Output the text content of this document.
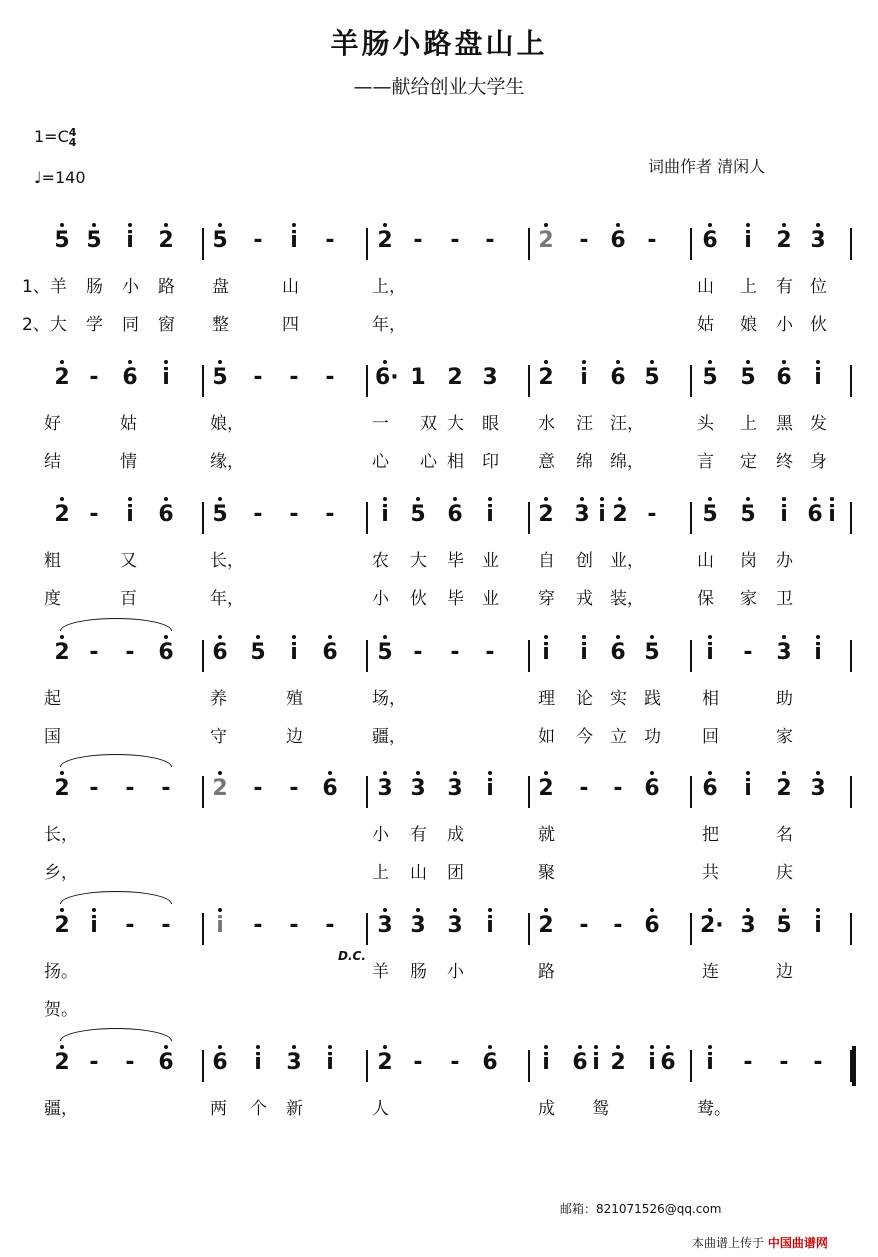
羊肠小路盘山上
——献给创业大学生
1=C4
4
♩=140
词曲作者 清闲人
5 5 i 2 5 - i - 2 - - - 2 - 6 - 6 i 2 3
1、羊 肠 小 路 盘	山	上，	山 上 有 位
2、大 学 同 窗 整	四	年，	姑 娘 小 伙
2 - 6 i 5 - - - 6· 1 2 3 2 i 6 5 5 5 6 i
好	姑	娘，	一 双 大 眼 水 汪 汪，	头 上 黑 发
结	情	缘，	心 心 相 印 意 绵 绵，	言 定 终 身
2 - i 6 5 - - - i 5 6 i 2 3 i 2 - 5 5 i 6 i
粗	又	长，	农 大 毕 业 自 创 业，	山 岗 办
度	百	年，	小 伙 毕 业 穿 戎 装，	保 家 卫
2 - - 6 6 5 i 6 5 - - - i i 6 5 i - 3 i
起	养	殖	场，	理 论 实 践 相	助
国	守	边	疆，	如 今 立 功 回	家
2 - - - 2 - - 6 3 3 3 i 2 - - 6 6 i 2 3
长，	小 有 成	就	把	名
乡，	上 山 团	聚	共	庆
2 i - - i - - - 3 3 3 i 2 - - 6 2· 3 5 i
扬。	羊 肠 小	路	连	边
贺。
D.C.
2 - - 6 6 i 3 i 2 - - 6 i 6 i 2 i 6 i - - -
疆，	两 个 新	人	成 鸳	鸯。
邮箱：821071526@qq.com
本曲谱上传于 中国曲谱网
